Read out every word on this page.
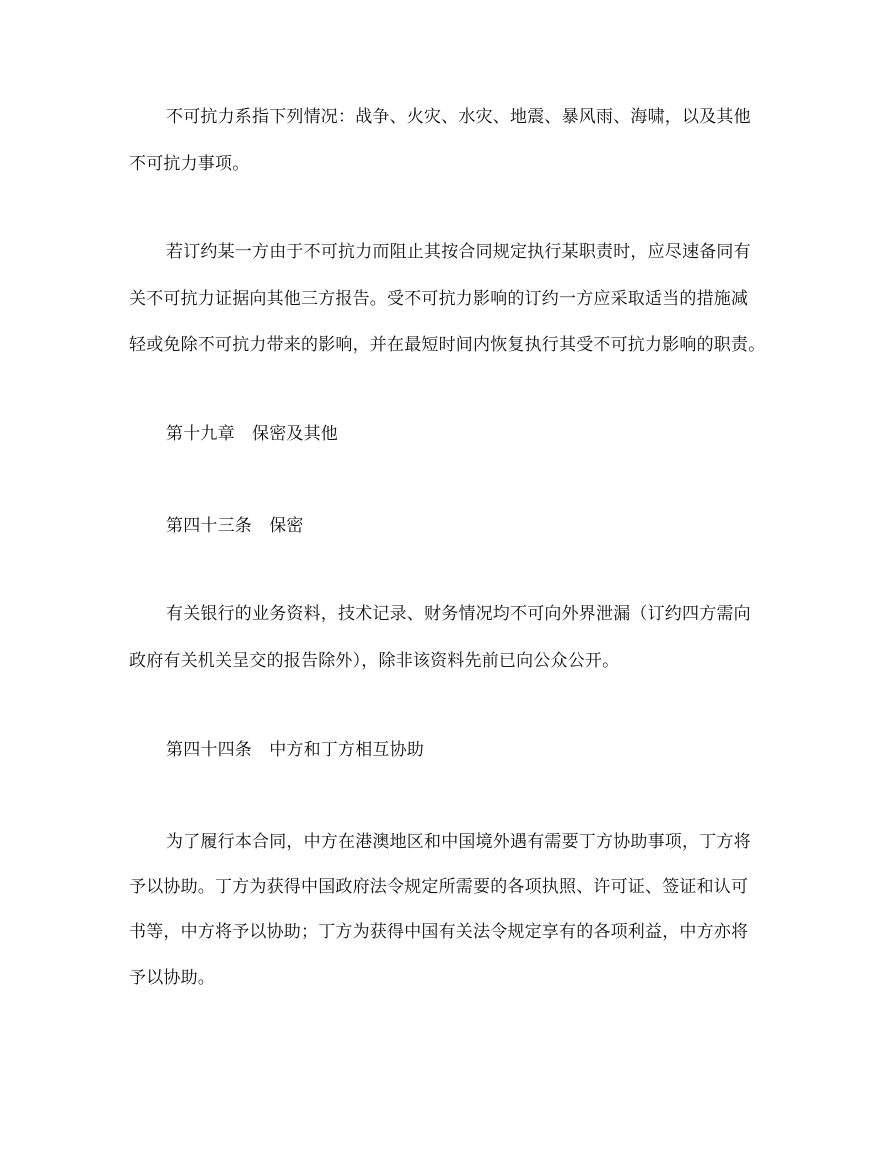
不可抗力系指下列情况：战争、火灾、水灾、地震、暴风雨、海啸，以及其他
不可抗力事项。
若订约某一方由于不可抗力而阻止其按合同规定执行某职责时，应尽速备同有
关不可抗力证据向其他三方报告。受不可抗力影响的订约一方应采取适当的措施减
轻或免除不可抗力带来的影响，并在最短时间内恢复执行其受不可抗力影响的职责。
第十九章　保密及其他
第四十三条　保密
有关银行的业务资料，技术记录、财务情况均不可向外界泄漏（订约四方需向
政府有关机关呈交的报告除外），除非该资料先前已向公众公开。
第四十四条　中方和丁方相互协助
为了履行本合同，中方在港澳地区和中国境外遇有需要丁方协助事项，丁方将
予以协助。丁方为获得中国政府法令规定所需要的各项执照、许可证、签证和认可
书等，中方将予以协助；丁方为获得中国有关法令规定享有的各项利益，中方亦将
予以协助。
